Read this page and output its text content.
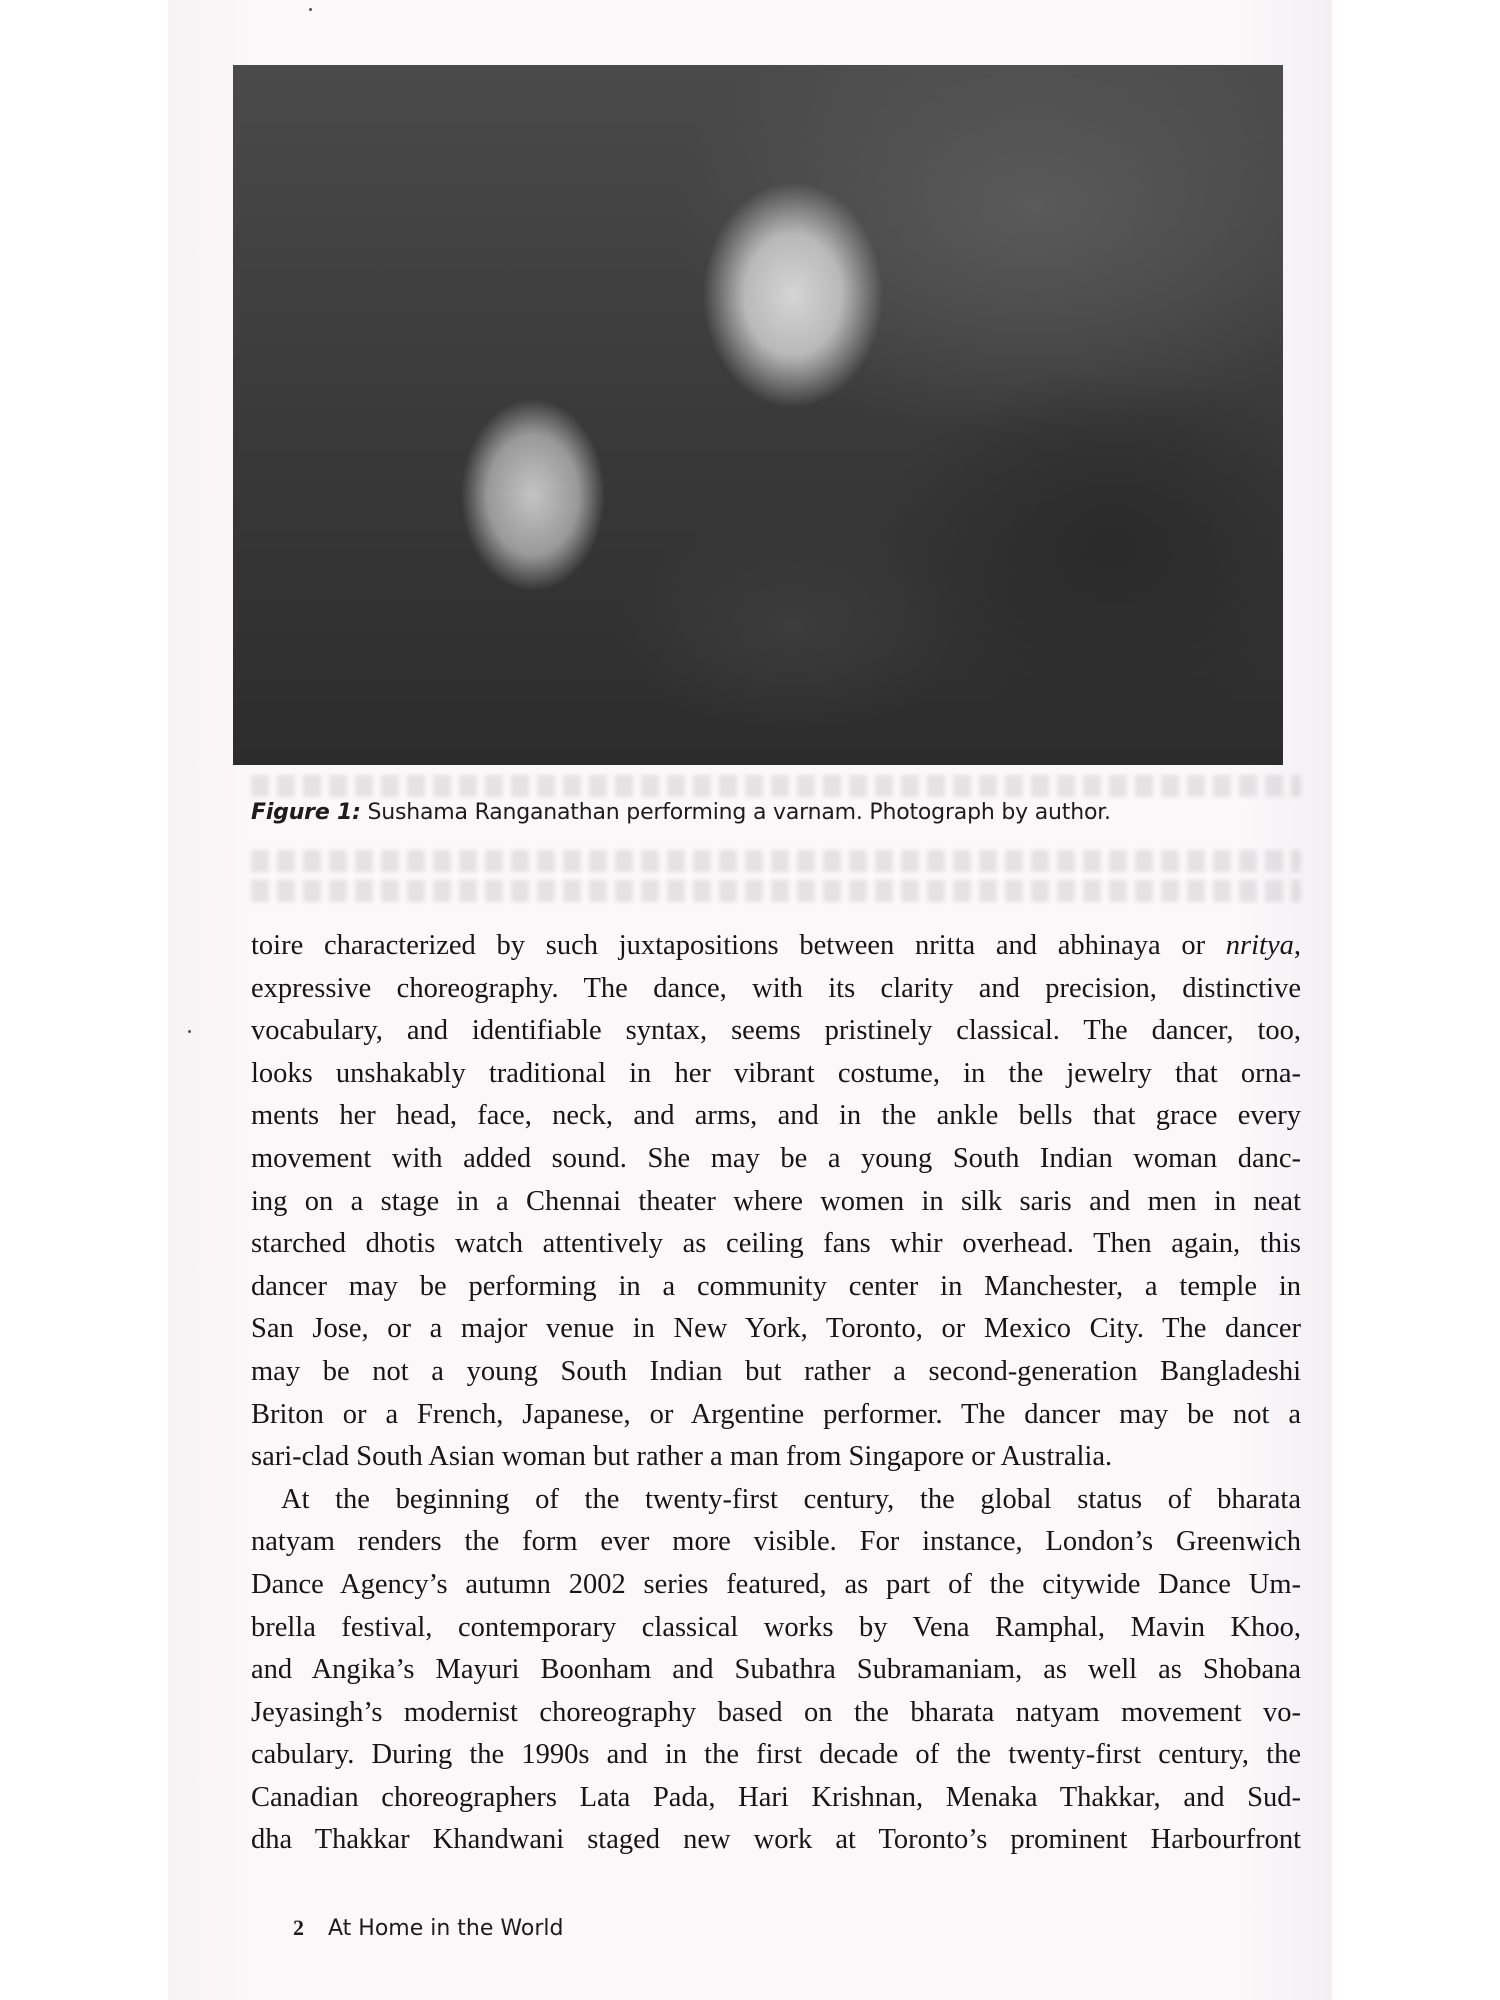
Figure 1: Sushama Ranganathan performing a varnam. Photograph by author.
toire characterized by such juxtapositions between nritta and abhinaya or nritya,
expressive choreography. The dance, with its clarity and precision, distinctive
vocabulary, and identifiable syntax, seems pristinely classical. The dancer, too,
looks unshakably traditional in her vibrant costume, in the jewelry that orna-
ments her head, face, neck, and arms, and in the ankle bells that grace every
movement with added sound. She may be a young South Indian woman danc-
ing on a stage in a Chennai theater where women in silk saris and men in neat
starched dhotis watch attentively as ceiling fans whir overhead. Then again, this
dancer may be performing in a community center in Manchester, a temple in
San Jose, or a major venue in New York, Toronto, or Mexico City. The dancer
may be not a young South Indian but rather a second-generation Bangladeshi
Briton or a French, Japanese, or Argentine performer. The dancer may be not a
sari-clad South Asian woman but rather a man from Singapore or Australia.
At the beginning of the twenty-first century, the global status of bharata
natyam renders the form ever more visible. For instance, London’s Greenwich
Dance Agency’s autumn 2002 series featured, as part of the citywide Dance Um-
brella festival, contemporary classical works by Vena Ramphal, Mavin Khoo,
and Angika’s Mayuri Boonham and Subathra Subramaniam, as well as Shobana
Jeyasingh’s modernist choreography based on the bharata natyam movement vo-
cabulary. During the 1990s and in the first decade of the twenty-first century, the
Canadian choreographers Lata Pada, Hari Krishnan, Menaka Thakkar, and Sud-
dha Thakkar Khandwani staged new work at Toronto’s prominent Harbourfront
2 At Home in the World
